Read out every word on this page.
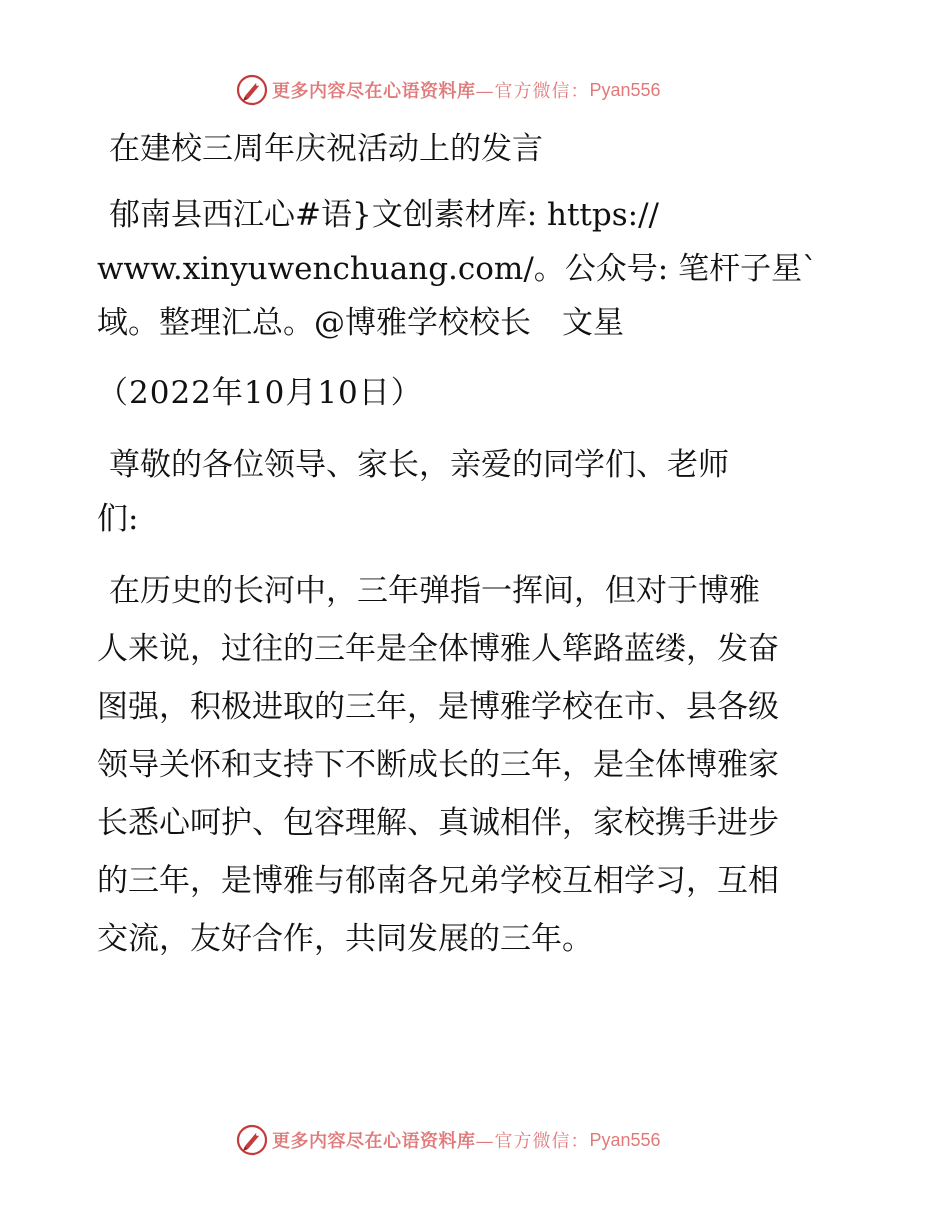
更多内容尽在心语资料库 —官方微信： Pyan556

在建校三周年庆祝活动上的发言

郁南县西江心#语}文创素材库: https://

www.xinyuwenchuang.com/。公众号: 笔杆子星`

域。整理汇总。@博雅学校校长　文星

（2022年10月10日）

尊敬的各位领导、家长，亲爱的同学们、老师

们:

在历史的长河中，三年弹指一挥间，但对于博雅

人来说，过往的三年是全体博雅人筚路蓝缕，发奋

图强，积极进取的三年，是博雅学校在市、县各级

领导关怀和支持下不断成长的三年，是全体博雅家

长悉心呵护、包容理解、真诚相伴，家校携手进步

的三年，是博雅与郁南各兄弟学校互相学习，互相

交流，友好合作，共同发展的三年。

更多内容尽在心语资料库 —官方微信： Pyan556
